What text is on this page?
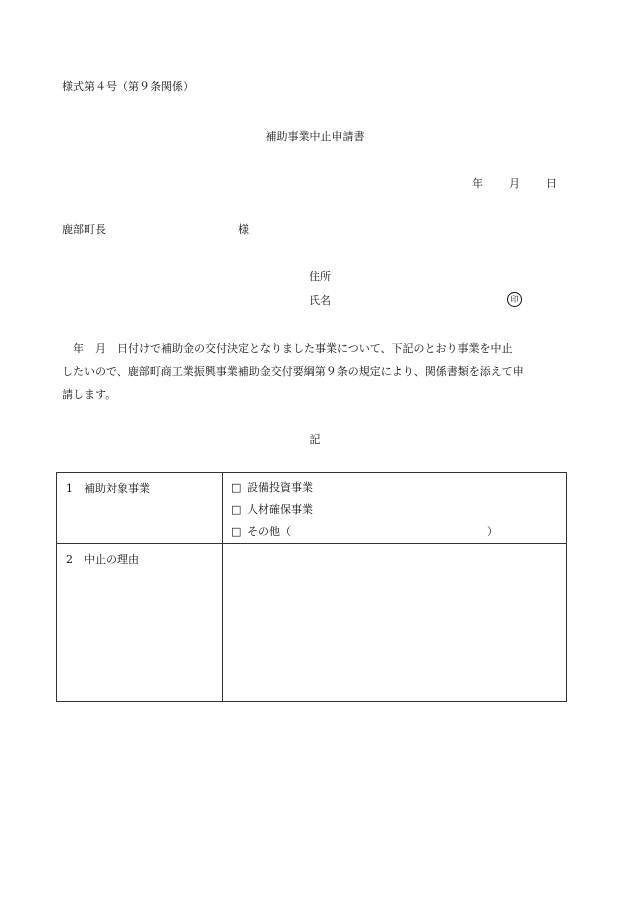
様式第４号（第９条関係）
補助事業中止申請書
年 月 日
鹿部町長	様
住所
氏名	印
　年　月　日付けで補助金の交付決定となりました事業について、下記のとおり事業を中止
したいので、鹿部町商工業振興事業補助金交付要綱第９条の規定により、関係書類を添えて申
請します。
記
1　補助対象事業	□ 設備投資事業
□ 人材確保事業
□ その他（ ）

2　中止の理由	
